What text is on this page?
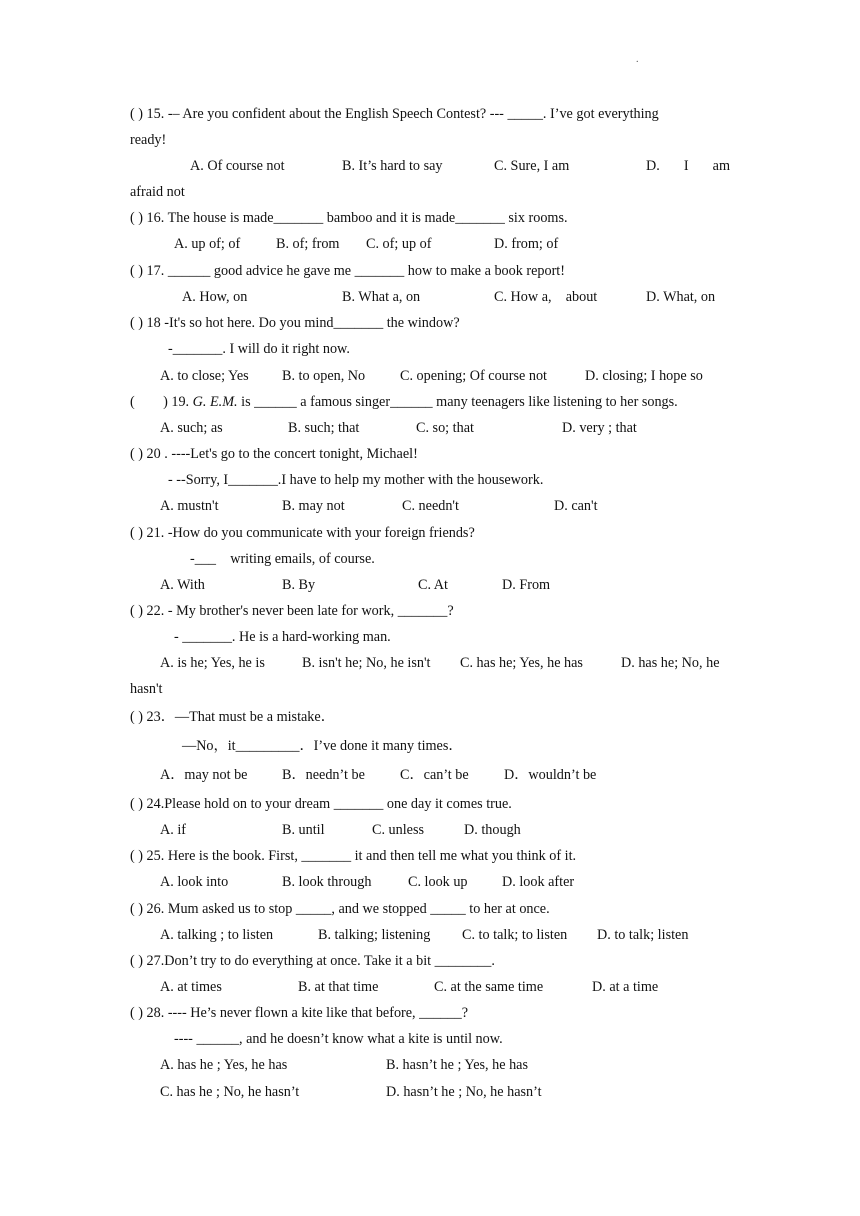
.
( ) 15. -– Are you confident about the English Speech Contest? --- _____. I’ve got everything
ready!
A. Of course not	B. It’s hard to say	C. Sure, I am	D. I am
afraid not
( ) 16. The house is made_______ bamboo and it is made_______ six rooms.
A. up of; of	B. of; from C. of; up of	D. from; of
( ) 17. ______ good advice he gave me _______ how to make a book report!
A. How, on	B. What a, on	C. How a,    about	D. What, on
( ) 18 -It's so hot here. Do you mind_______ the window?
-_______. I will do it right now.
A. to close; Yes B. to open, No C. opening; Of course not	D. closing; I hope so
(        ) 19. G. E.M. is ______ a famous singer______ many teenagers like listening to her songs.
A. such; as	B. such; that	C. so; that	D. very ; that
( ) 20 . ----Let's go to the concert tonight, Michael!
- --Sorry, I_______.I have to help my mother with the housework.
A. mustn't	B. may not	C. needn't	D. can't
( ) 21. -How do you communicate with your foreign friends?
-___    writing emails, of course.
A. With	B. By	C. At	D. From
( ) 22. - My brother's never been late for work, _______?
- _______. He is a hard-working man.
A. is he; Yes, he is	B. isn't he; No, he isn't C. has he; Yes, he has	D. has he; No, he
hasn't
( ) 23．—That must be a mistake．
—No，it_________．I’ve done it many times．
A．may not be B．needn’t be C．can’t be D．wouldn’t be
( ) 24.Please hold on to your dream _______ one day it comes true.
A. if	B. until	C. unless	D. though
( ) 25. Here is the book. First, _______ it and then tell me what you think of it.
A. look into	B. look through	C. look up D. look after
( ) 26. Mum asked us to stop _____, and we stopped _____ to her at once.
A. talking ; to listen	B. talking; listening C. to talk; to listen D. to talk; listen
( ) 27.Don’t try to do everything at once. Take it a bit ________.
A. at times	B. at that time	C. at the same time	D. at a time
( ) 28. ---- He’s never flown a kite like that before, ______?
---- ______, and he doesn’t know what a kite is until now.
A. has he ; Yes, he has	B. hasn’t he ; Yes, he has
C. has he ; No, he hasn’t	D. hasn’t he ; No, he hasn’t
